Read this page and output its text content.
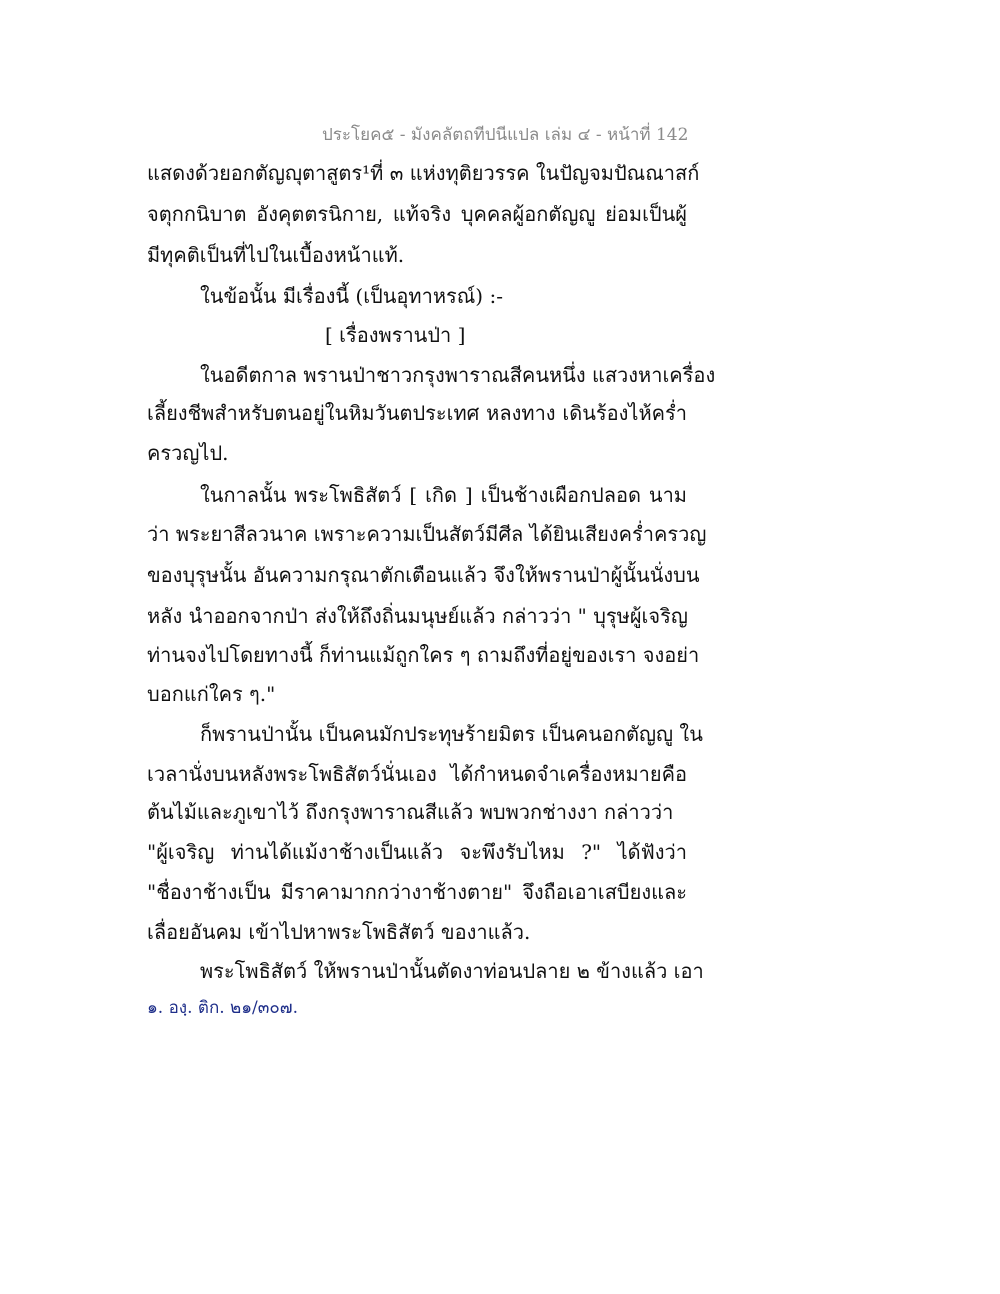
ประโยค๕ - มังคลัตถทีปนีแปล เล่ม ๔ - หน้าที่ 142
แสดงด้วยอกตัญญุตาสูตร¹ที่ ๓ แห่งทุติยวรรค ในปัญจมปัณณาสก์
จตุกกนิบาต อังคุตตรนิกาย, แท้จริง บุคคลผู้อกตัญญู ย่อมเป็นผู้
มีทุคติเป็นที่ไปในเบื้องหน้าแท้.
ในข้อนั้น มีเรื่องนี้ (เป็นอุทาหรณ์) :-
[ เรื่องพรานป่า ]
ในอดีตกาล พรานป่าชาวกรุงพาราณสีคนหนึ่ง แสวงหาเครื่อง
เลี้ยงชีพสำหรับตนอยู่ในหิมวันตประเทศ หลงทาง เดินร้องไห้คร่ำ
ครวญไป.
ในกาลนั้น พระโพธิสัตว์ [ เกิด ] เป็นช้างเผือกปลอด นาม
ว่า พระยาสีลวนาค เพราะความเป็นสัตว์มีศีล ได้ยินเสียงคร่ำครวญ
ของบุรุษนั้น อันความกรุณาตักเตือนแล้ว จึงให้พรานป่าผู้นั้นนั่งบน
หลัง นำออกจากป่า ส่งให้ถึงถิ่นมนุษย์แล้ว กล่าวว่า " บุรุษผู้เจริญ
ท่านจงไปโดยทางนี้ ก็ท่านแม้ถูกใคร ๆ ถามถึงที่อยู่ของเรา จงอย่า
บอกแก่ใคร ๆ."
ก็พรานป่านั้น เป็นคนมักประทุษร้ายมิตร เป็นคนอกตัญญู ใน
เวลานั่งบนหลังพระโพธิสัตว์นั่นเอง ได้กำหนดจำเครื่องหมายคือ
ต้นไม้และภูเขาไว้ ถึงกรุงพาราณสีแล้ว พบพวกช่างงา กล่าวว่า
"ผู้เจริญ ท่านได้แม้งาช้างเป็นแล้ว จะพึงรับไหม ?" ได้ฟังว่า
"ชื่องาช้างเป็น มีราคามากกว่างาช้างตาย" จึงถือเอาเสบียงและ
เลื่อยอันคม เข้าไปหาพระโพธิสัตว์ ของาแล้ว.
พระโพธิสัตว์ ให้พรานป่านั้นตัดงาท่อนปลาย ๒ ข้างแล้ว เอา
๑. องฺ. ติก. ๒๑/๓๐๗.
